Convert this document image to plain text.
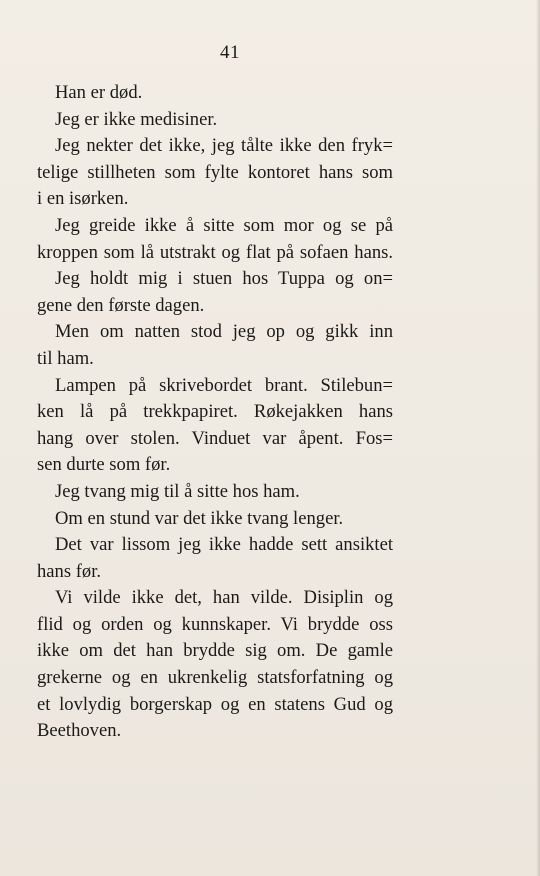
41
Han er død.
Jeg er ikke medisiner.
Jeg nekter det ikke, jeg tålte ikke den fryk=
telige stillheten som fylte kontoret hans som
i en isørken.
Jeg greide ikke å sitte som mor og se på
kroppen som lå utstrakt og flat på sofaen hans.
Jeg holdt mig i stuen hos Tuppa og on=
gene den første dagen.
Men om natten stod jeg op og gikk inn
til ham.
Lampen på skrivebordet brant. Stilebun=
ken lå på trekkpapiret. Røkejakken hans
hang over stolen. Vinduet var åpent. Fos=
sen durte som før.
Jeg tvang mig til å sitte hos ham.
Om en stund var det ikke tvang lenger.
Det var lissom jeg ikke hadde sett ansiktet
hans før.
Vi vilde ikke det, han vilde. Disiplin og
flid og orden og kunnskaper. Vi brydde oss
ikke om det han brydde sig om. De gamle
grekerne og en ukrenkelig statsforfatning og
et lovlydig borgerskap og en statens Gud og
Beethoven.
